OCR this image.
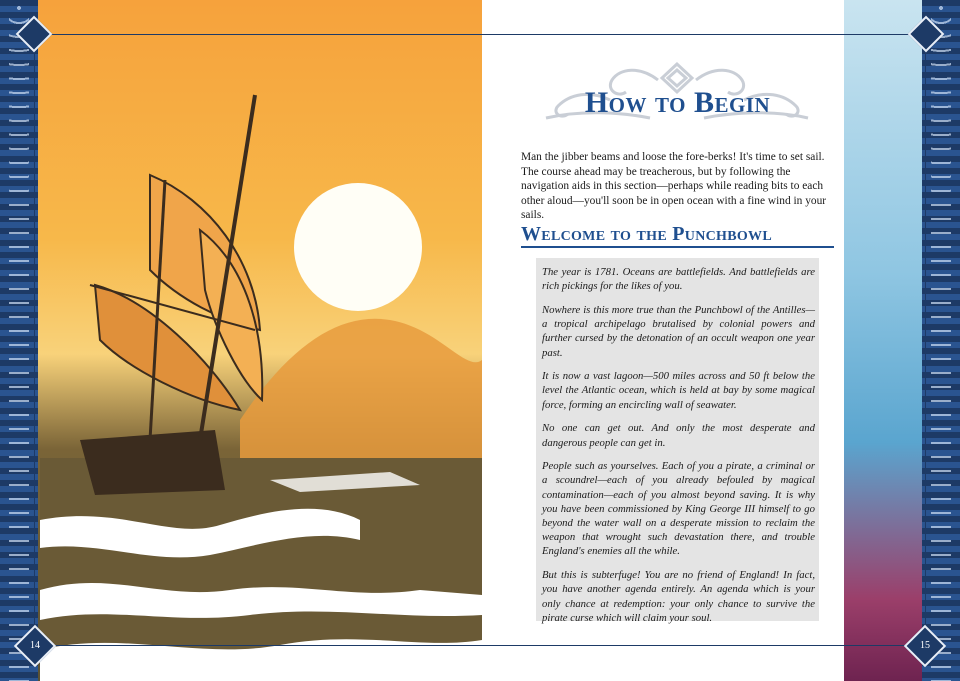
14	15
How to Begin

Man the jibber beams and loose the fore-berks! It's time to set sail. The course ahead may be treacherous, but by following the navigation aids in this section—perhaps while reading bits to each other aloud—you'll soon be in open ocean with a fine wind in your sails.

Welcome to the Punchbowl

The year is 1781. Oceans are battlefields. And battlefields are rich pickings for the likes of you.

Nowhere is this more true than the Punchbowl of the Antilles—a tropical archipelago brutalised by colonial powers and further cursed by the detonation of an occult weapon one year past.

It is now a vast lagoon—500 miles across and 50 ft below the level the Atlantic ocean, which is held at bay by some magical force, forming an encircling wall of seawater.

No one can get out. And only the most desperate and dangerous people can get in.

People such as yourselves. Each of you a pirate, a criminal or a scoundrel—each of you already befouled by magical contamination—each of you almost beyond saving. It is why you have been commissioned by King George III himself to go beyond the water wall on a desperate mission to reclaim the weapon that wrought such devastation there, and trouble England's enemies all the while.

But this is subterfuge! You are no friend of England! In fact, you have another agenda entirely. An agenda which is your only chance at redemption: your only chance to survive the pirate curse which will claim your soul.
